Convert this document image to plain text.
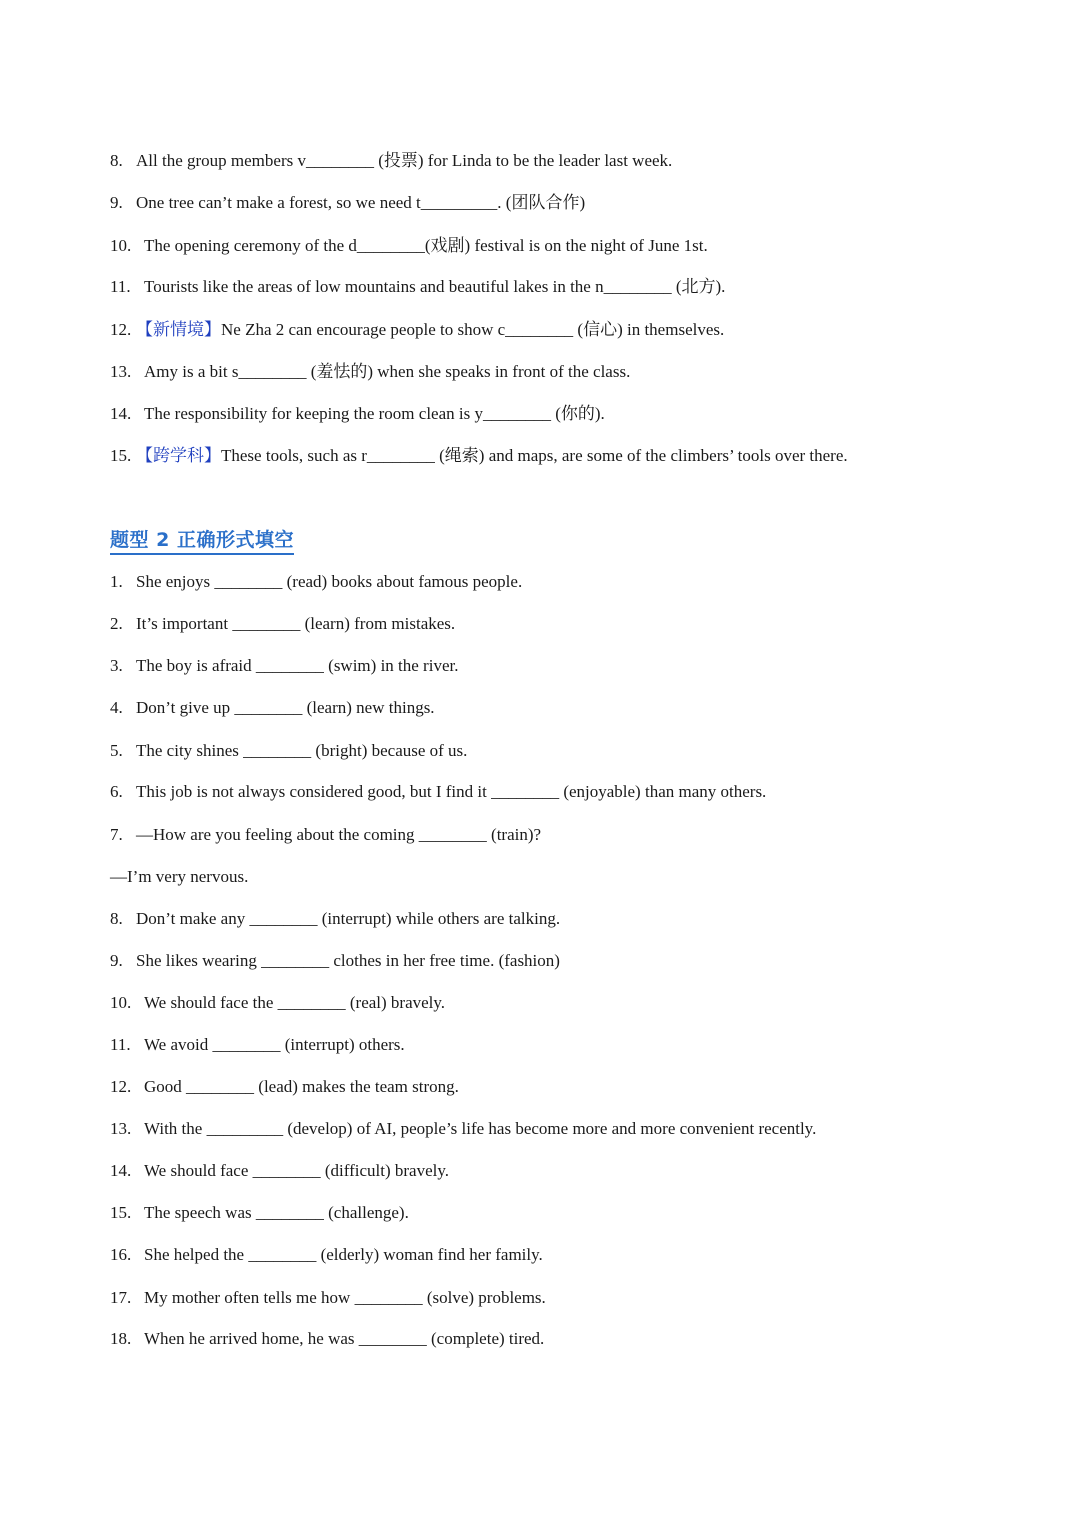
8. All the group members v________ (投票) for Linda to be the leader last week.
9. One tree can’t make a forest, so we need t_________. (团队合作)
10. The opening ceremony of the d________(戏剧) festival is on the night of June 1st.
11. Tourists like the areas of low mountains and beautiful lakes in the n________ (北方).
12. 【新情境】Ne Zha 2 can encourage people to show c________ (信心) in themselves.
13. Amy is a bit s________ (羞怯的) when she speaks in front of the class.
14. The responsibility for keeping the room clean is y________ (你的).
15. 【跨学科】These tools, such as r________ (绳索) and maps, are some of the climbers’ tools over there.
题型 2 正确形式填空
1. She enjoys ________ (read) books about famous people.
2. It’s important ________ (learn) from mistakes.
3. The boy is afraid ________ (swim) in the river.
4. Don’t give up ________ (learn) new things.
5. The city shines ________ (bright) because of us.
6. This job is not always considered good, but I find it ________ (enjoyable) than many others.
7. —How are you feeling about the coming ________ (train)?
—I’m very nervous.
8. Don’t make any ________ (interrupt) while others are talking.
9. She likes wearing ________ clothes in her free time. (fashion)
10. We should face the ________ (real) bravely.
11. We avoid ________ (interrupt) others.
12. Good ________ (lead) makes the team strong.
13. With the _________ (develop) of AI, people’s life has become more and more convenient recently.
14. We should face ________ (difficult) bravely.
15. The speech was ________ (challenge).
16. She helped the ________ (elderly) woman find her family.
17. My mother often tells me how ________ (solve) problems.
18. When he arrived home, he was ________ (complete) tired.
